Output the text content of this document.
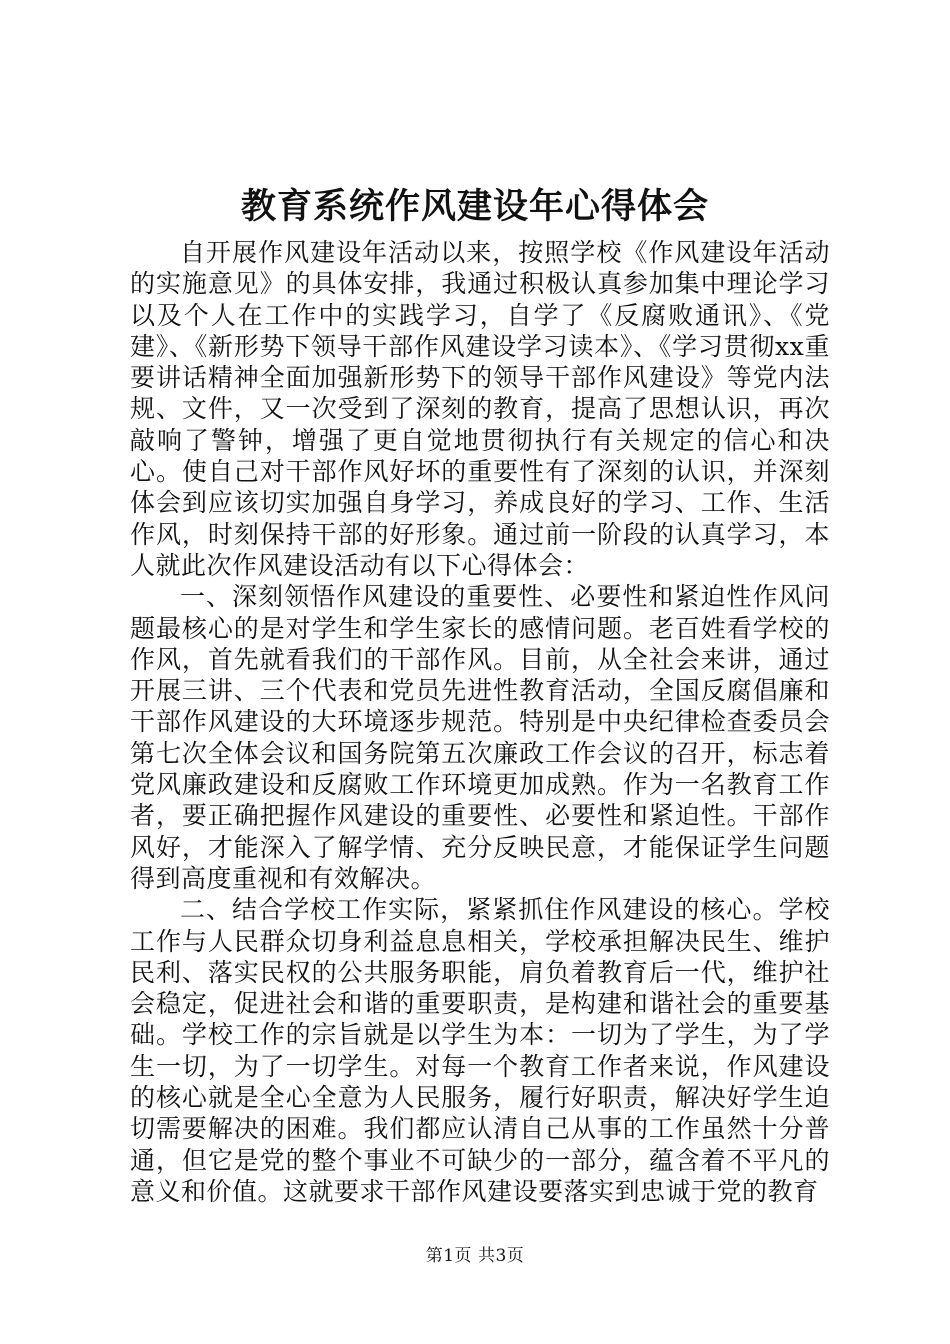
教育系统作风建设年心得体会

自开展作风建设年活动以来，按照学校《作风建设年活动的实施意见》的具体安排，我通过积极认真参加集中理论学习以及个人在工作中的实践学习，自学了《反腐败通讯》、《党建》、《新形势下领导干部作风建设学习读本》、《学习贯彻xx重要讲话精神全面加强新形势下的领导干部作风建设》等党内法规、文件，又一次受到了深刻的教育，提高了思想认识，再次敲响了警钟，增强了更自觉地贯彻执行有关规定的信心和决心。使自己对干部作风好坏的重要性有了深刻的认识，并深刻体会到应该切实加强自身学习，养成良好的学习、工作、生活作风，时刻保持干部的好形象。通过前一阶段的认真学习，本人就此次作风建设活动有以下心得体会：

一、深刻领悟作风建设的重要性、必要性和紧迫性作风问题最核心的是对学生和学生家长的感情问题。老百姓看学校的作风，首先就看我们的干部作风。目前，从全社会来讲，通过开展三讲、三个代表和党员先进性教育活动，全国反腐倡廉和干部作风建设的大环境逐步规范。特别是中央纪律检查委员会第七次全体会议和国务院第五次廉政工作会议的召开，标志着党风廉政建设和反腐败工作环境更加成熟。作为一名教育工作者，要正确把握作风建设的重要性、必要性和紧迫性。干部作风好，才能深入了解学情、充分反映民意，才能保证学生问题得到高度重视和有效解决。

二、结合学校工作实际，紧紧抓住作风建设的核心。学校工作与人民群众切身利益息息相关，学校承担解决民生、维护民利、落实民权的公共服务职能，肩负着教育后一代，维护社会稳定，促进社会和谐的重要职责，是构建和谐社会的重要基础。学校工作的宗旨就是以学生为本：一切为了学生，为了学生一切，为了一切学生。对每一个教育工作者来说，作风建设的核心就是全心全意为人民服务，履行好职责，解决好学生迫切需要解决的困难。我们都应认清自己从事的工作虽然十分普通，但它是党的整个事业不可缺少的一部分，蕴含着不平凡的意义和价值。这就要求干部作风建设要落实到忠诚于党的教育

第1页 共3页
